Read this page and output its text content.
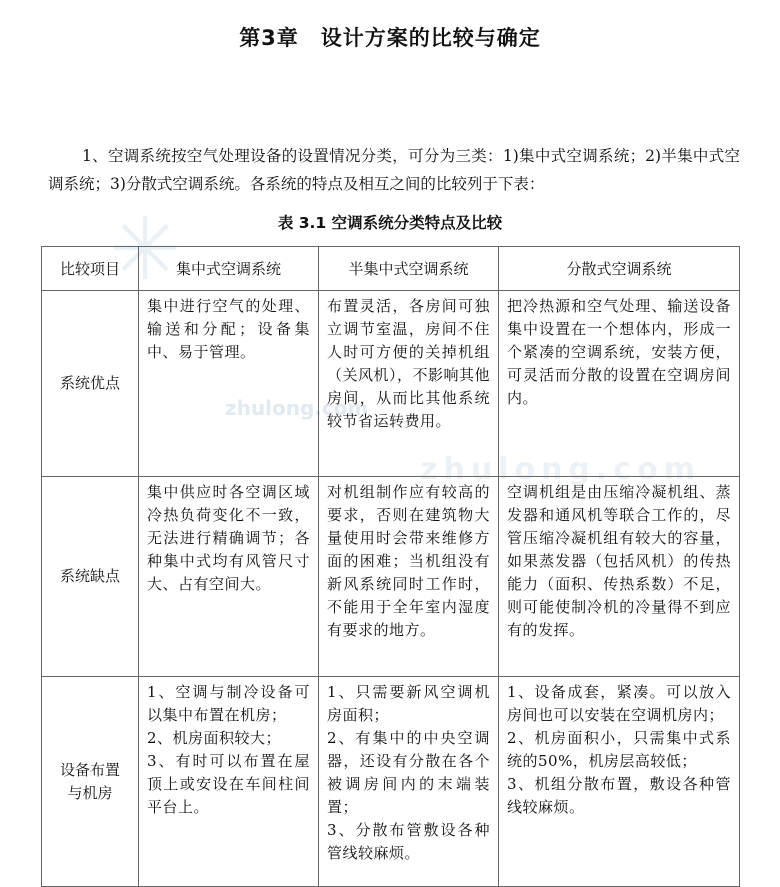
✳
zhulong.com
zhulong.com
第3章　设计方案的比较与确定
1、空调系统按空气处理设备的设置情况分类，可分为三类：1)集中式空调系统；2)半集中式空调系统；3)分散式空调系统。各系统的特点及相互之间的比较列于下表：
表 3.1 空调系统分类特点及比较
比较项目	集中式空调系统	半集中式空调系统	分散式空调系统
系统优点	集中进行空气的处理、输送和分配；设备集中、易于管理。	布置灵活，各房间可独立调节室温，房间不住人时可方便的关掉机组（关风机），不影响其他房间，从而比其他系统较节省运转费用。	把冷热源和空气处理、输送设备集中设置在一个想体内，形成一个紧凑的空调系统，安装方便，可灵活而分散的设置在空调房间内。
系统缺点	集中供应时各空调区域冷热负荷变化不一致，无法进行精确调节；各种集中式均有风管尺寸大、占有空间大。	对机组制作应有较高的要求，否则在建筑物大量使用时会带来维修方面的困难；当机组没有新风系统同时工作时，不能用于全年室内湿度有要求的地方。	空调机组是由压缩冷凝机组、蒸发器和通风机等联合工作的，尽管压缩冷凝机组有较大的容量，如果蒸发器（包括风机）的传热能力（面积、传热系数）不足，则可能使制冷机的冷量得不到应有的发挥。
设备布置
与机房	1、空调与制冷设备可以集中布置在机房；
2、机房面积较大；
3、有时可以布置在屋顶上或安设在车间柱间平台上。	1、只需要新风空调机房面积；
2、有集中的中央空调器，还设有分散在各个被调房间内的末端装置；
3、分散布管敷设各种管线较麻烦。	1、设备成套，紧凑。可以放入房间也可以安装在空调机房内；
2、机房面积小，只需集中式系统的50%，机房层高较低；
3、机组分散布置，敷设各种管线较麻烦。
